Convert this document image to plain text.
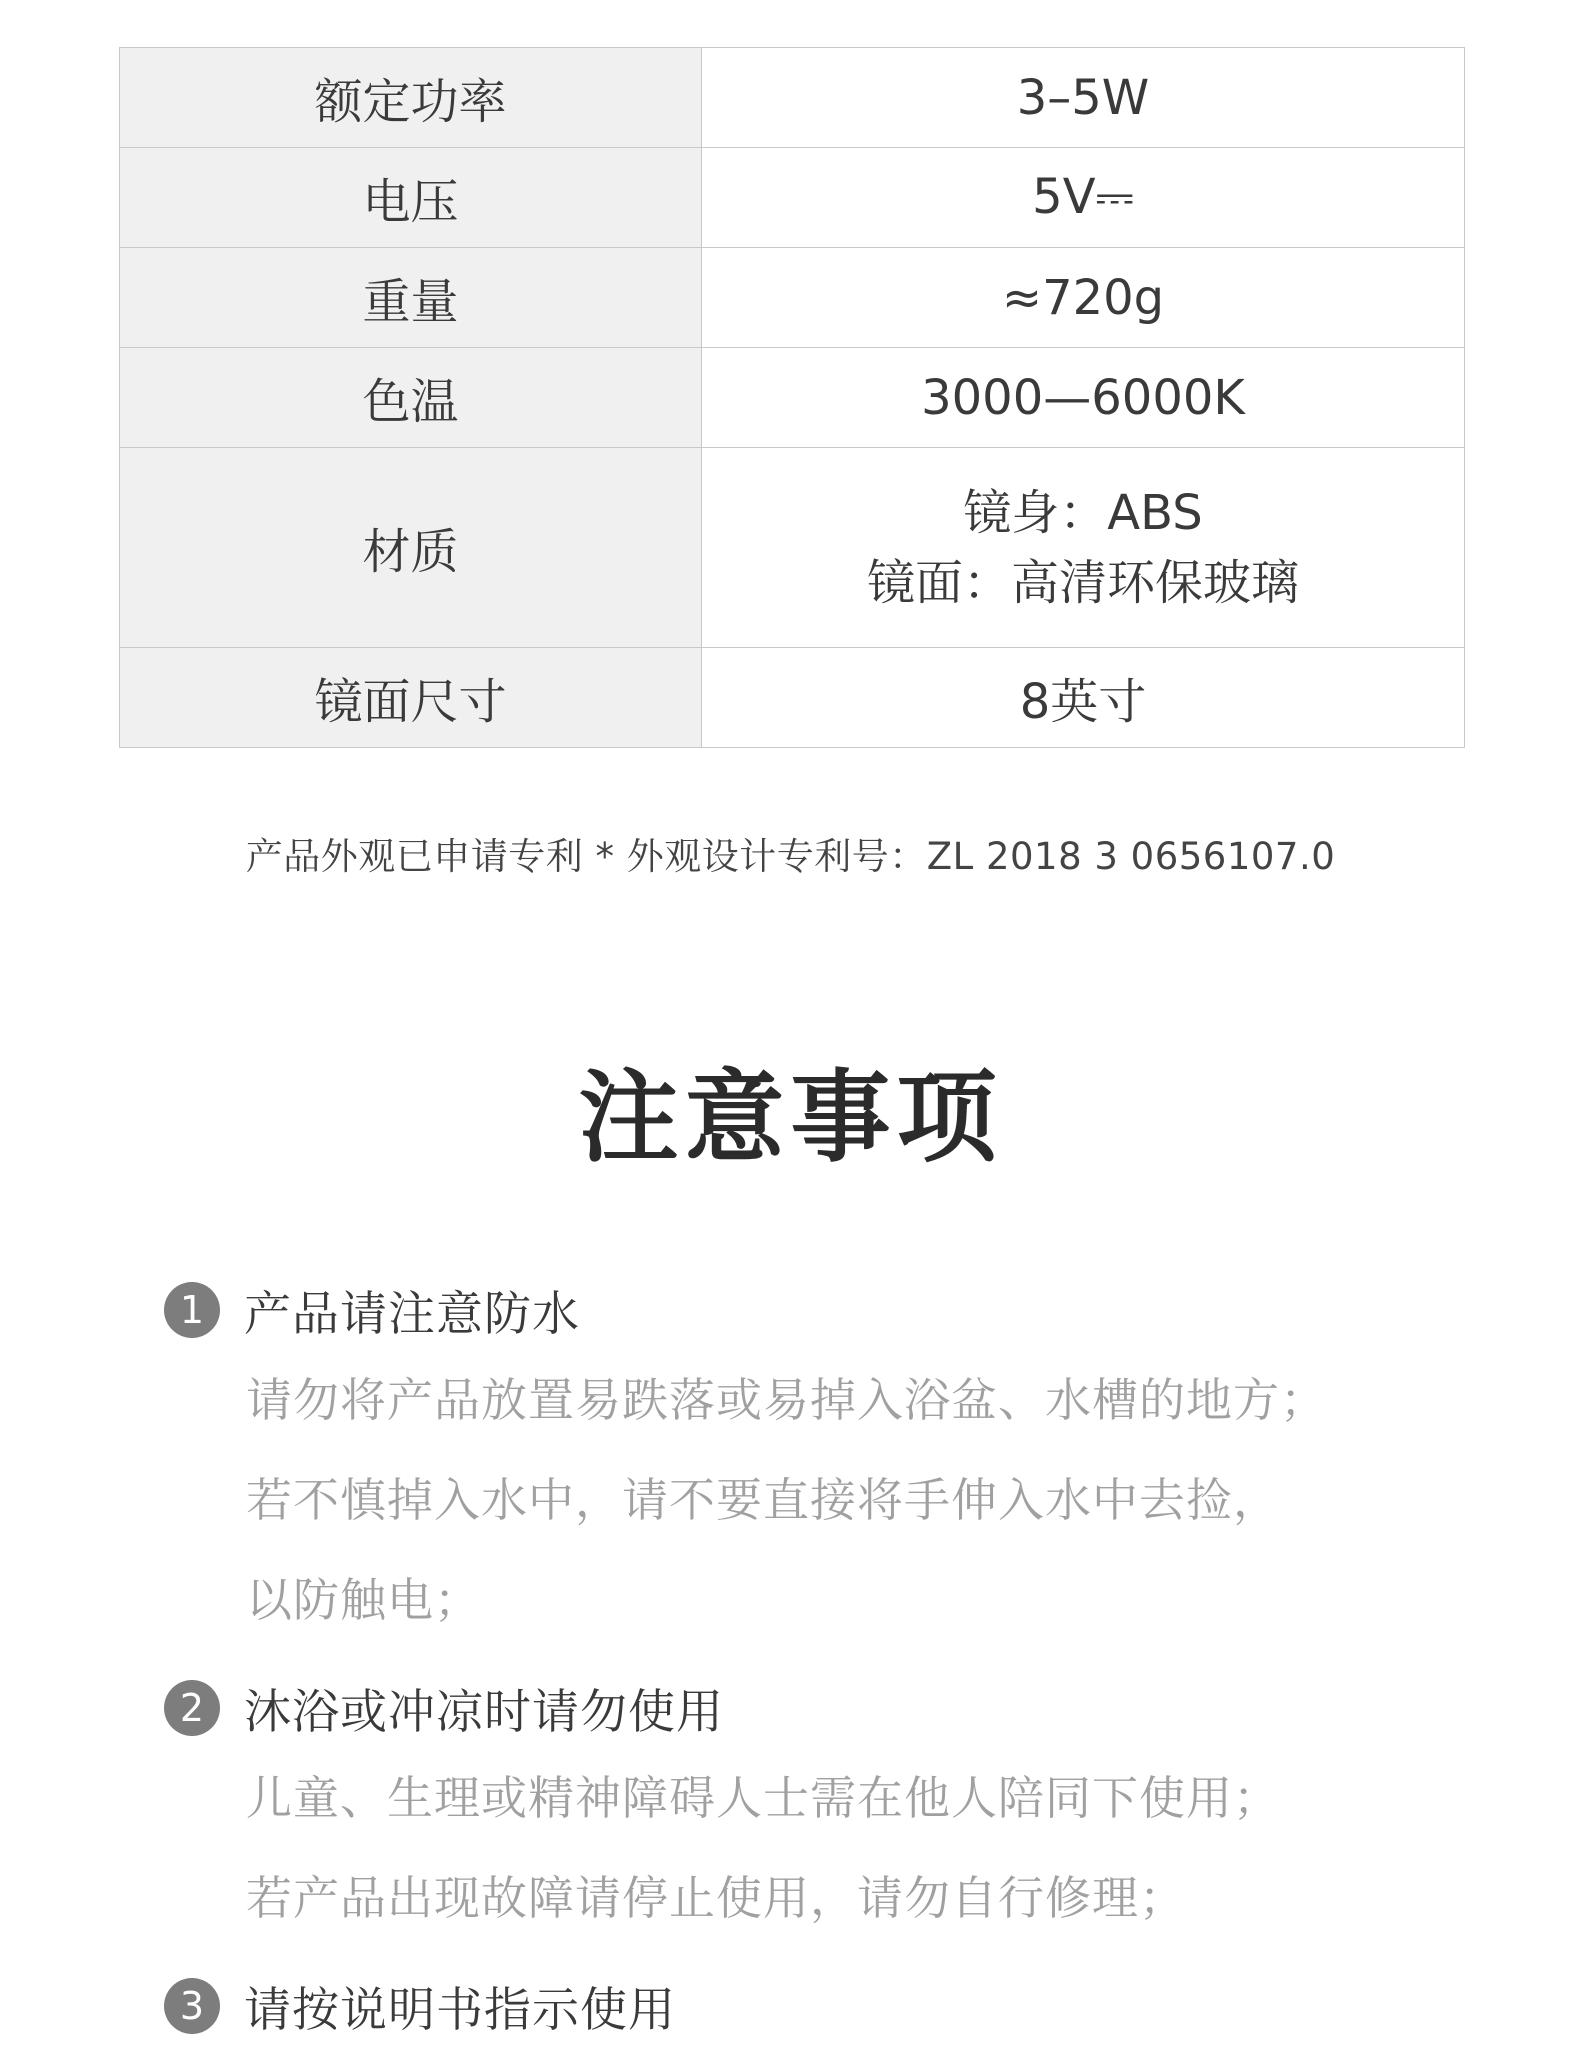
额定功率	3–5W
电压	5V⎓
重量	≈720g
色温	3000—6000K
材质	镜身：ABS
镜面：高清环保玻璃

镜面尺寸	8英寸
产品外观已申请专利 * 外观设计专利号：ZL 2018 3 0656107.0
注意事项
1 产品请注意防水
请勿将产品放置易跌落或易掉入浴盆、水槽的地方；
若不慎掉入水中，请不要直接将手伸入水中去捡，
以防触电；
2 沐浴或冲凉时请勿使用
儿童、生理或精神障碍人士需在他人陪同下使用；
若产品出现故障请停止使用，请勿自行修理；
3 请按说明书指示使用
